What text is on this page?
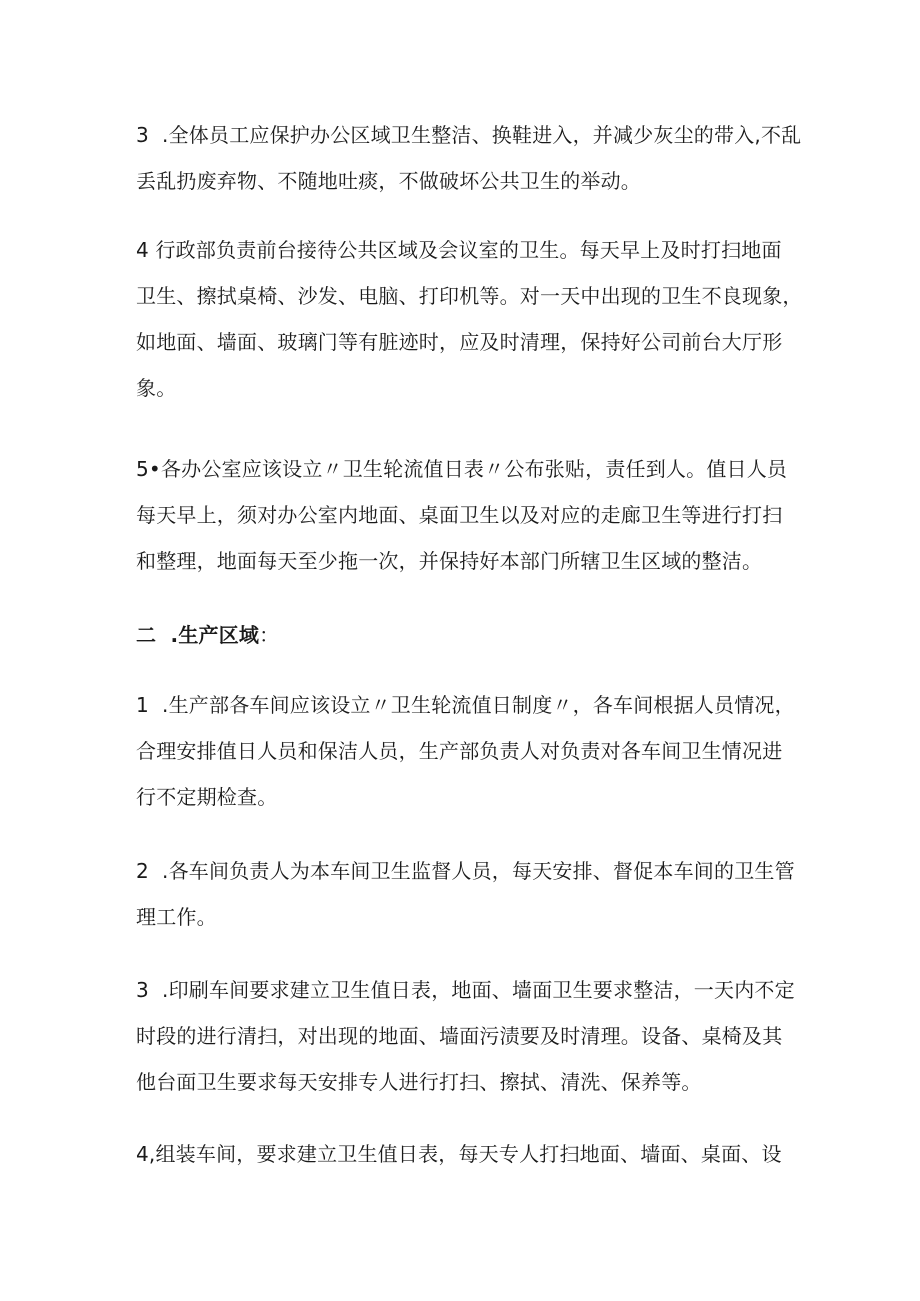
3  .全体员工应保护办公区域卫生整洁、换鞋进入，并减少灰尘的带入,不乱
丢乱扔废弃物、不随地吐痰，不做破坏公共卫生的举动。

4 行政部负责前台接待公共区域及会议室的卫生。每天早上及时打扫地面
卫生、擦拭桌椅、沙发、电脑、打印机等。对一天中出现的卫生不良现象，
如地面、墙面、玻璃门等有脏迹时，应及时清理，保持好公司前台大厅形
象。

5•各办公室应该设立〃卫生轮流值日表〃公布张贴，责任到人。值日人员
每天早上，须对办公室内地面、桌面卫生以及对应的走廊卫生等进行打扫
和整理，地面每天至少拖一次，并保持好本部门所辖卫生区域的整洁。

二  .生产区域：

1  .生产部各车间应该设立〃卫生轮流值日制度〃，各车间根据人员情况，
合理安排值日人员和保洁人员，生产部负责人对负责对各车间卫生情况进
行不定期检查。

2  .各车间负责人为本车间卫生监督人员，每天安排、督促本车间的卫生管
理工作。

3  .印刷车间要求建立卫生值日表，地面、墙面卫生要求整洁，一天内不定
时段的进行清扫，对出现的地面、墙面污渍要及时清理。设备、桌椅及其
他台面卫生要求每天安排专人进行打扫、擦拭、清洗、保养等。

4,组装车间，要求建立卫生值日表，每天专人打扫地面、墙面、桌面、设
